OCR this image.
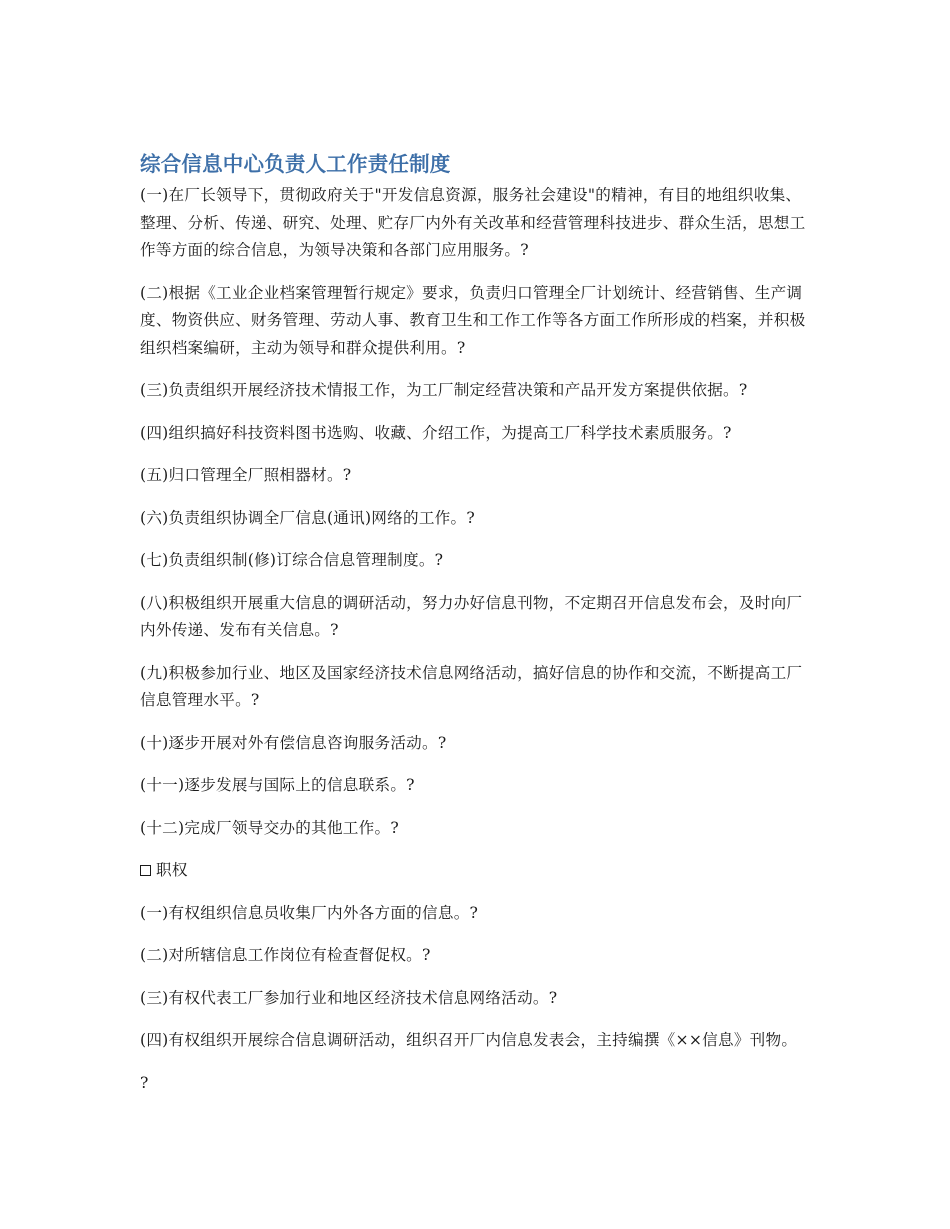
综合信息中心负责人工作责任制度

(一)在厂长领导下，贯彻政府关于"开发信息资源，服务社会建设"的精神，有目的地组织收集、整理、分析、传递、研究、处理、贮存厂内外有关改革和经营管理科技进步、群众生活，思想工作等方面的综合信息，为领导决策和各部门应用服务。?

(二)根据《工业企业档案管理暂行规定》要求，负责归口管理全厂计划统计、经营销售、生产调度、物资供应、财务管理、劳动人事、教育卫生和工作工作等各方面工作所形成的档案，并积极组织档案编研，主动为领导和群众提供利用。?

(三)负责组织开展经济技术情报工作，为工厂制定经营决策和产品开发方案提供依据。?

(四)组织搞好科技资料图书选购、收藏、介绍工作，为提高工厂科学技术素质服务。?

(五)归口管理全厂照相器材。?

(六)负责组织协调全厂信息(通讯)网络的工作。?

(七)负责组织制(修)订综合信息管理制度。?

(八)积极组织开展重大信息的调研活动，努力办好信息刊物，不定期召开信息发布会，及时向厂内外传递、发布有关信息。?

(九)积极参加行业、地区及国家经济技术信息网络活动，搞好信息的协作和交流，不断提高工厂信息管理水平。?

(十)逐步开展对外有偿信息咨询服务活动。?

(十一)逐步发展与国际上的信息联系。?

(十二)完成厂领导交办的其他工作。?

职权

(一)有权组织信息员收集厂内外各方面的信息。?

(二)对所辖信息工作岗位有检查督促权。?

(三)有权代表工厂参加行业和地区经济技术信息网络活动。?

(四)有权组织开展综合信息调研活动，组织召开厂内信息发表会，主持编撰《××信息》刊物。

?
